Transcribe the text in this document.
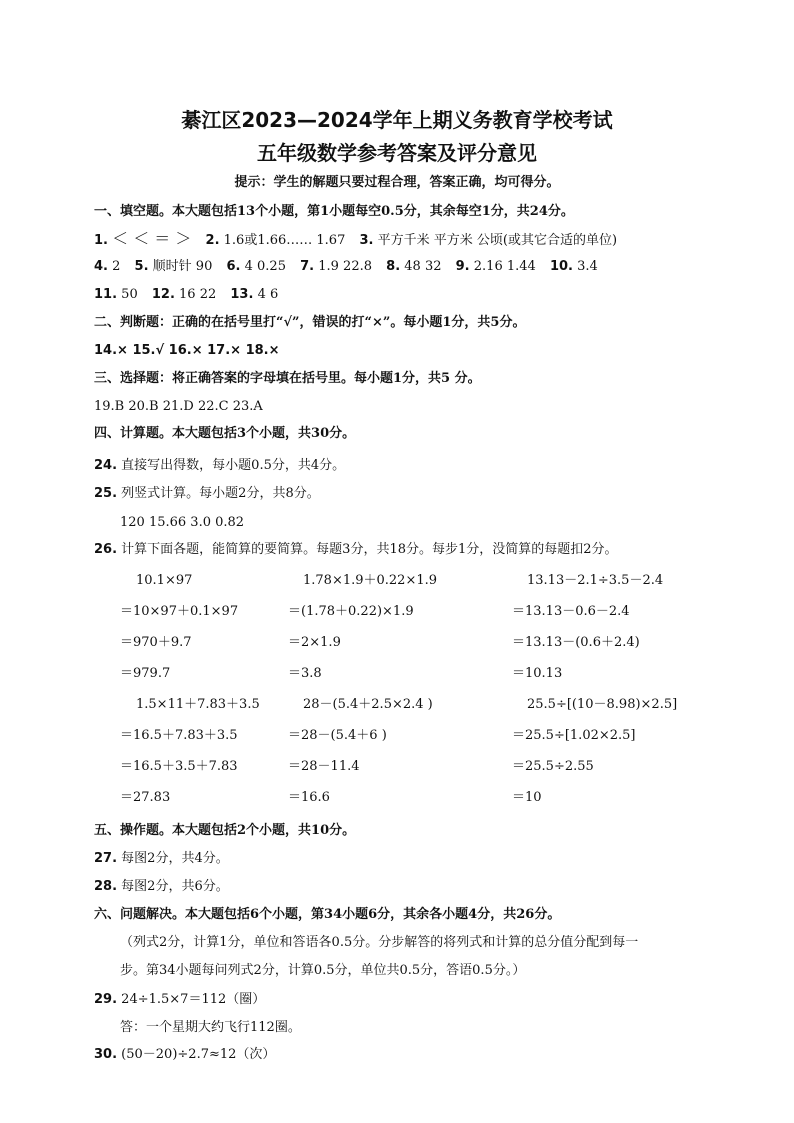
綦江区2023—2024学年上期义务教育学校考试
五年级数学参考答案及评分意见
提示：学生的解题只要过程合理，答案正确，均可得分。
一、填空题。本大题包括13个小题，第1小题每空0.5分，其余每空1分，共24分。
1. ＜ ＜ ＝ ＞ 2. 1.6或1.66…… 1.67 3. 平方千米 平方米 公顷(或其它合适的单位)
4. 2 5. 顺时针 90 6. 4 0.25 7. 1.9 22.8 8. 48 32 9. 2.16 1.44 10. 3.4
11. 50 12. 16 22 13. 4 6
二、判断题：正确的在括号里打“√”，错误的打“×”。每小题1分，共5分。
14.× 15.√ 16.× 17.× 18.×
三、选择题：将正确答案的字母填在括号里。每小题1分，共5 分。
19.B 20.B 21.D 22.C 23.A
四、计算题。本大题包括3个小题，共30分。
24. 直接写出得数，每小题0.5分，共4分。
25. 列竖式计算。每小题2分，共8分。
120 15.66 3.0 0.82
26. 计算下面各题，能简算的要简算。每题3分，共18分。每步1分，没简算的每题扣2分。
10.1×97
＝10×97＋0.1×97
＝970＋9.7
＝979.7
1.78×1.9＋0.22×1.9
＝(1.78＋0.22)×1.9
＝2×1.9
＝3.8
13.13－2.1÷3.5－2.4
＝13.13－0.6－2.4
＝13.13－(0.6＋2.4)
＝10.13
1.5×11＋7.83＋3.5
＝16.5＋7.83＋3.5
＝16.5＋3.5＋7.83
＝27.83
28－(5.4＋2.5×2.4 )
＝28－(5.4＋6 )
＝28－11.4
＝16.6
25.5÷[(10－8.98)×2.5]
＝25.5÷[1.02×2.5]
＝25.5÷2.55
＝10
五、操作题。本大题包括2个小题，共10分。
27. 每图2分，共4分。
28. 每图2分，共6分。
六、问题解决。本大题包括6个小题，第34小题6分，其余各小题4分，共26分。
（列式2分，计算1分，单位和答语各0.5分。分步解答的将列式和计算的总分值分配到每一
步。第34小题每问列式2分，计算0.5分，单位共0.5分，答语0.5分。）
29. 24÷1.5×7＝112（圈）
答：一个星期大约飞行112圈。
30. (50－20)÷2.7≈12（次）
